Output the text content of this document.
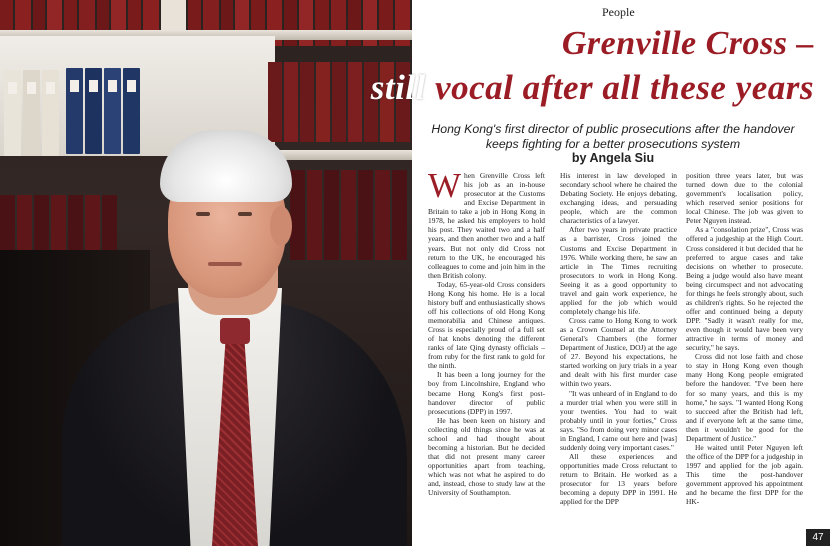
People
Grenville Cross –
still vocal after all these years
Hong Kong's first director of public prosecutions after the handover keeps fighting for a better prosecutions system
by Angela Siu

When Grenville Cross left his job as an in-house prosecutor at the Customs and Excise Department in Britain to take a job in Hong Kong in 1978, he asked his employers to hold his post. They waited two and a half years, and then another two and a half years. But not only did Cross not return to the UK, he encouraged his colleagues to come and join him in the then British colony.

Today, 65-year-old Cross considers Hong Kong his home. He is a local history buff and enthusiastically shows off his collections of old Hong Kong memorabilia and Chinese antiques. Cross is especially proud of a full set of hat knobs denoting the different ranks of late Qing dynasty officials – from ruby for the first rank to gold for the ninth.

It has been a long journey for the boy from Lincolnshire, England who became Hong Kong's first post-handover director of public prosecutions (DPP) in 1997.

He has been keen on history and collecting old things since he was at school and had thought about becoming a historian. But he decided that did not present many career opportunities apart from teaching, which was not what he aspired to do and, instead, chose to study law at the University of Southampton.

His interest in law developed in secondary school where he chaired the Debating Society. He enjoys debating, exchanging ideas, and persuading people, which are the common characteristics of a lawyer.

After two years in private practice as a barrister, Cross joined the Customs and Excise Department in 1976. While working there, he saw an article in The Times recruiting prosecutors to work in Hong Kong. Seeing it as a good opportunity to travel and gain work experience, he applied for the job which would completely change his life.

Cross came to Hong Kong to work as a Crown Counsel at the Attorney General's Chambers (the former Department of Justice, DOJ) at the age of 27. Beyond his expectations, he started working on jury trials in a year and dealt with his first murder case within two years.

"It was unheard of in England to do a murder trial when you were still in your twenties. You had to wait probably until in your forties," Cross says. "So from doing very minor cases in England, I came out here and [was] suddenly doing very important cases."

All these experiences and opportunities made Cross reluctant to return to Britain. He worked as a prosecutor for 13 years before becoming a deputy DPP in 1991. He applied for the DPP

position three years later, but was turned down due to the colonial government's localisation policy, which reserved senior positions for local Chinese. The job was given to Peter Nguyen instead.

As a "consolation prize", Cross was offered a judgeship at the High Court. Cross considered it but decided that he preferred to argue cases and take decisions on whether to prosecute. Being a judge would also have meant being circumspect and not advocating for things he feels strongly about, such as children's rights. So he rejected the offer and continued being a deputy DPP. "Sadly it wasn't really for me, even though it would have been very attractive in terms of money and security," he says.

Cross did not lose faith and chose to stay in Hong Kong even though many Hong Kong people emigrated before the handover. "I've been here for so many years, and this is my home," he says. "I wanted Hong Kong to succeed after the British had left, and if everyone left at the same time, then it wouldn't be good for the Department of Justice."

He waited until Peter Nguyen left the office of the DPP for a judgeship in 1997 and applied for the job again. This time the post-handover government approved his appointment and he became the first DPP for the HK-

47
